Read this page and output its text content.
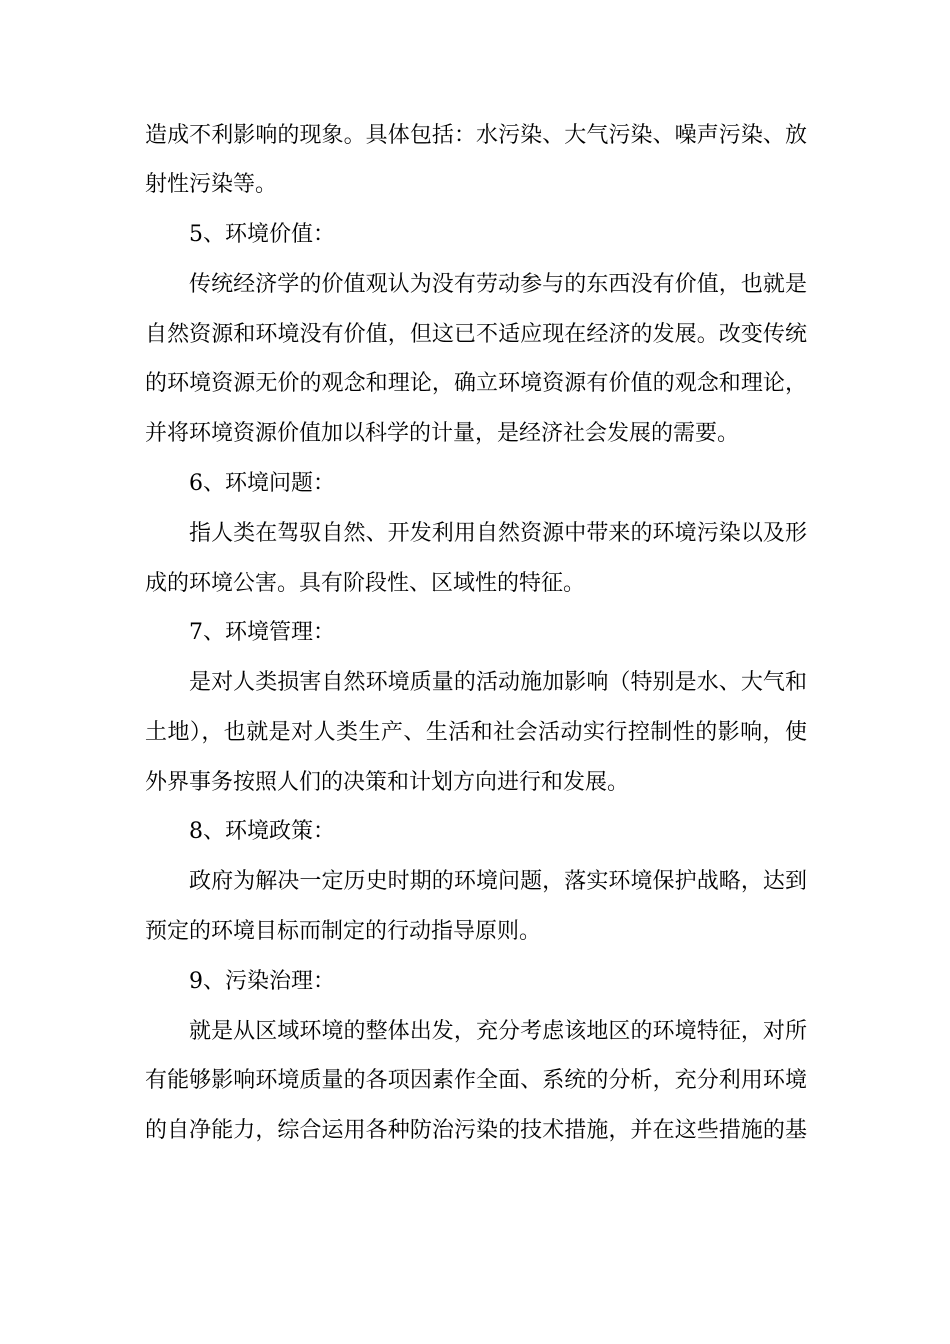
造成不利影响的现象。具体包括：水污染、大气污染、噪声污染、放
射性污染等。
5、环境价值：
传统经济学的价值观认为没有劳动参与的东西没有价值，也就是
自然资源和环境没有价值，但这已不适应现在经济的发展。改变传统
的环境资源无价的观念和理论，确立环境资源有价值的观念和理论，
并将环境资源价值加以科学的计量，是经济社会发展的需要。
6、环境问题：
指人类在驾驭自然、开发利用自然资源中带来的环境污染以及形
成的环境公害。具有阶段性、区域性的特征。
7、环境管理：
是对人类损害自然环境质量的活动施加影响（特别是水、大气和
土地），也就是对人类生产、生活和社会活动实行控制性的影响，使
外界事务按照人们的决策和计划方向进行和发展。
8、环境政策：
政府为解决一定历史时期的环境问题，落实环境保护战略，达到
预定的环境目标而制定的行动指导原则。
9、污染治理：
就是从区域环境的整体出发，充分考虑该地区的环境特征，对所
有能够影响环境质量的各项因素作全面、系统的分析，充分利用环境
的自净能力，综合运用各种防治污染的技术措施，并在这些措施的基
